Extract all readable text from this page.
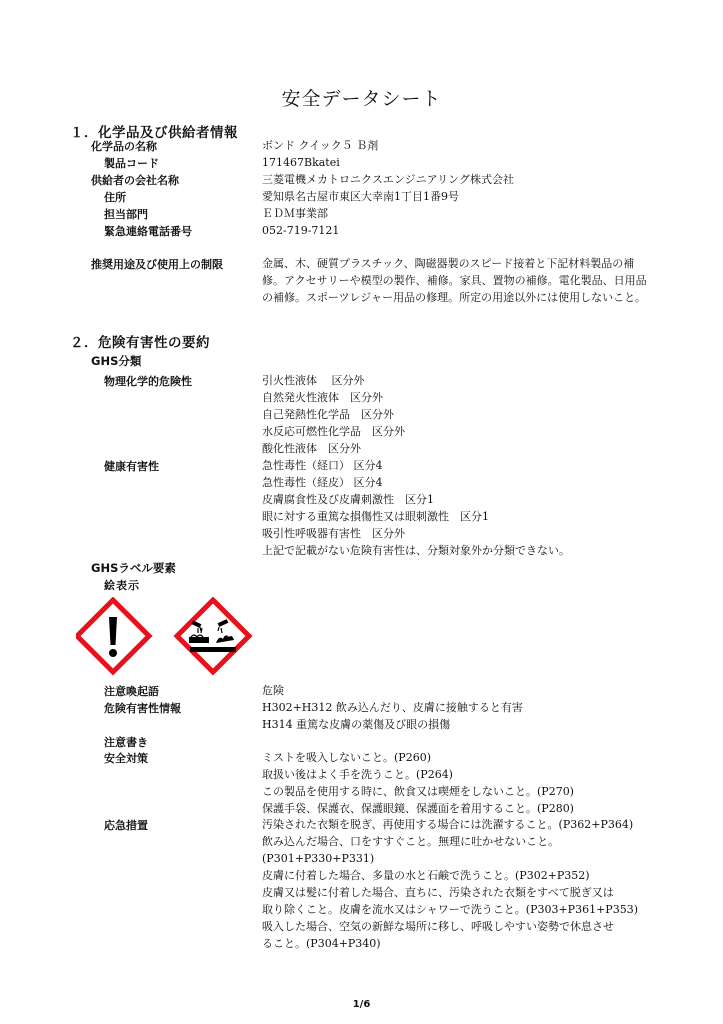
安全データシート
１．化学品及び供給者情報
化学品の名称	ボンド クイック５ Ｂ剤
製品コード	171467Bkatei
供給者の会社名称	三菱電機メカトロニクスエンジニアリング株式会社
住所	愛知県名古屋市東区大幸南1丁目1番9号
担当部門	ＥＤＭ事業部
緊急連絡電話番号	052-719-7121
推奨用途及び使用上の制限	金属、木、硬質プラスチック、陶磁器製のスピード接着と下記材料製品の補修。アクセサリーや模型の製作、補修。家具、置物の補修。電化製品、日用品の補修。スポーツレジャー用品の修理。所定の用途以外には使用しないこと。
２．危険有害性の要約
GHS分類
物理化学的危険性	引火性液体　 区分外
自然発火性液体　区分外
自己発熱性化学品　区分外
水反応可燃性化学品　区分外
酸化性液体　区分外
健康有害性	急性毒性（経口） 区分4
急性毒性（経皮） 区分4
皮膚腐食性及び皮膚刺激性　区分1
眼に対する重篤な損傷性又は眼刺激性　区分1
吸引性呼吸器有害性　区分外
上記で記載がない危険有害性は、分類対象外か分類できない。
GHSラベル要素
絵表示
注意喚起語	危険
危険有害性情報	H302+H312 飲み込んだり、皮膚に接触すると有害
H314 重篤な皮膚の薬傷及び眼の損傷
注意書き
安全対策	ミストを吸入しないこと。(P260)
取扱い後はよく手を洗うこと。(P264)
この製品を使用する時に、飲食又は喫煙をしないこと。(P270)
保護手袋、保護衣、保護眼鏡、保護面を着用すること。(P280)
応急措置	汚染された衣類を脱ぎ、再使用する場合には洗濯すること。(P362+P364)
飲み込んだ場合、口をすすぐこと。無理に吐かせないこと。
(P301+P330+P331)
皮膚に付着した場合、多量の水と石鹸で洗うこと。(P302+P352)
皮膚又は髪に付着した場合、直ちに、汚染された衣類をすべて脱ぎ又は
取り除くこと。皮膚を流水又はシャワーで洗うこと。(P303+P361+P353)
吸入した場合、空気の新鮮な場所に移し、呼吸しやすい姿勢で休息させ
ること。(P304+P340)
1/6
